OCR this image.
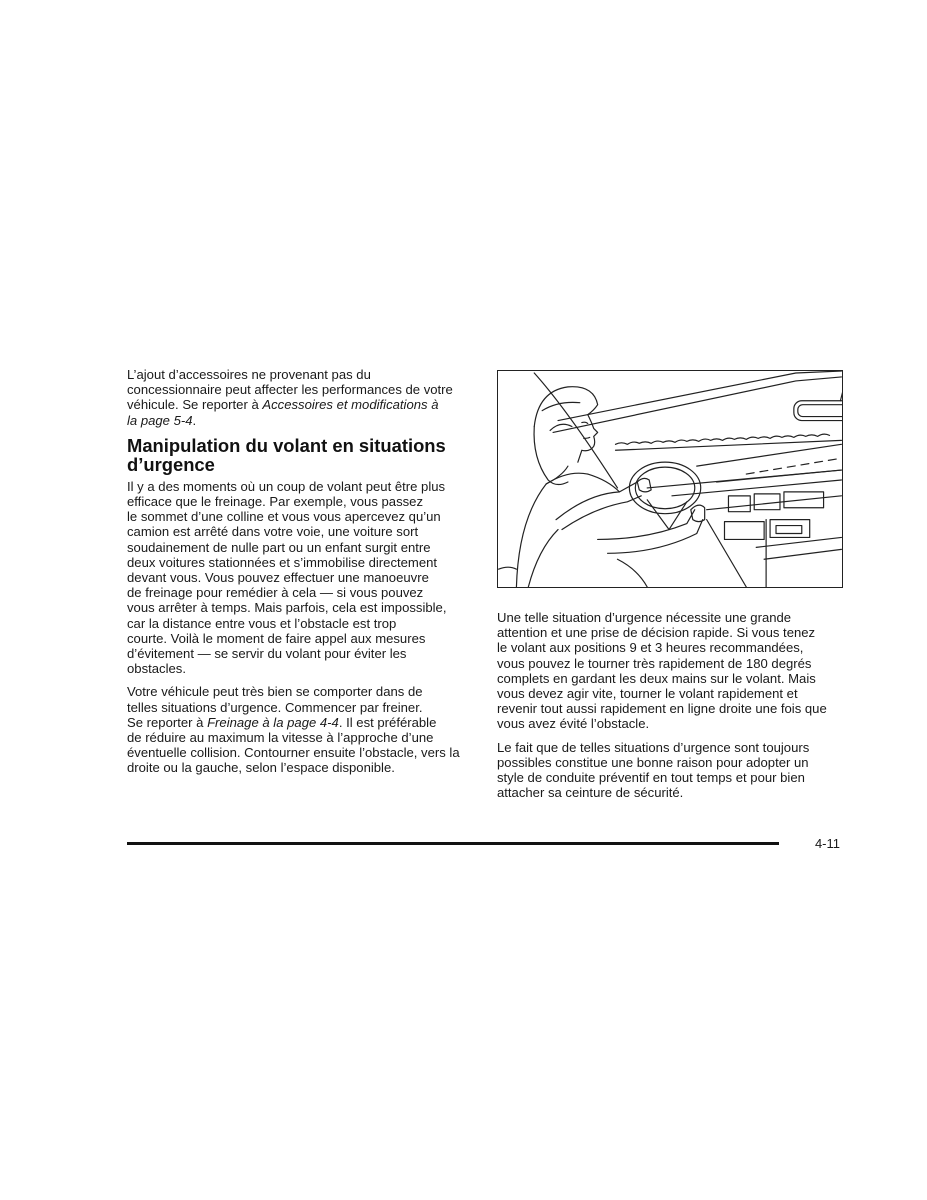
L’ajout d’accessoires ne provenant pas du
concessionnaire peut affecter les performances de votre
véhicule. Se reporter à Accessoires et modifications à
la page 5-4.

Manipulation du volant en situations
d’urgence

Il y a des moments où un coup de volant peut être plus
efficace que le freinage. Par exemple, vous passez
le sommet d’une colline et vous vous apercevez qu’un
camion est arrêté dans votre voie, une voiture sort
soudainement de nulle part ou un enfant surgit entre
deux voitures stationnées et s’immobilise directement
devant vous. Vous pouvez effectuer une manoeuvre
de freinage pour remédier à cela — si vous pouvez
vous arrêter à temps. Mais parfois, cela est impossible,
car la distance entre vous et l’obstacle est trop
courte. Voilà le moment de faire appel aux mesures
d’évitement — se servir du volant pour éviter les
obstacles.

Votre véhicule peut très bien se comporter dans de
telles situations d’urgence. Commencer par freiner.
Se reporter à Freinage à la page 4-4. Il est préférable
de réduire au maximum la vitesse à l’approche d’une
éventuelle collision. Contourner ensuite l’obstacle, vers la
droite ou la gauche, selon l’espace disponible.

Une telle situation d’urgence nécessite une grande
attention et une prise de décision rapide. Si vous tenez
le volant aux positions 9 et 3 heures recommandées,
vous pouvez le tourner très rapidement de 180 degrés
complets en gardant les deux mains sur le volant. Mais
vous devez agir vite, tourner le volant rapidement et
revenir tout aussi rapidement en ligne droite une fois que
vous avez évité l’obstacle.

Le fait que de telles situations d’urgence sont toujours
possibles constitue une bonne raison pour adopter un
style de conduite préventif en tout temps et pour bien
attacher sa ceinture de sécurité.

4-11
